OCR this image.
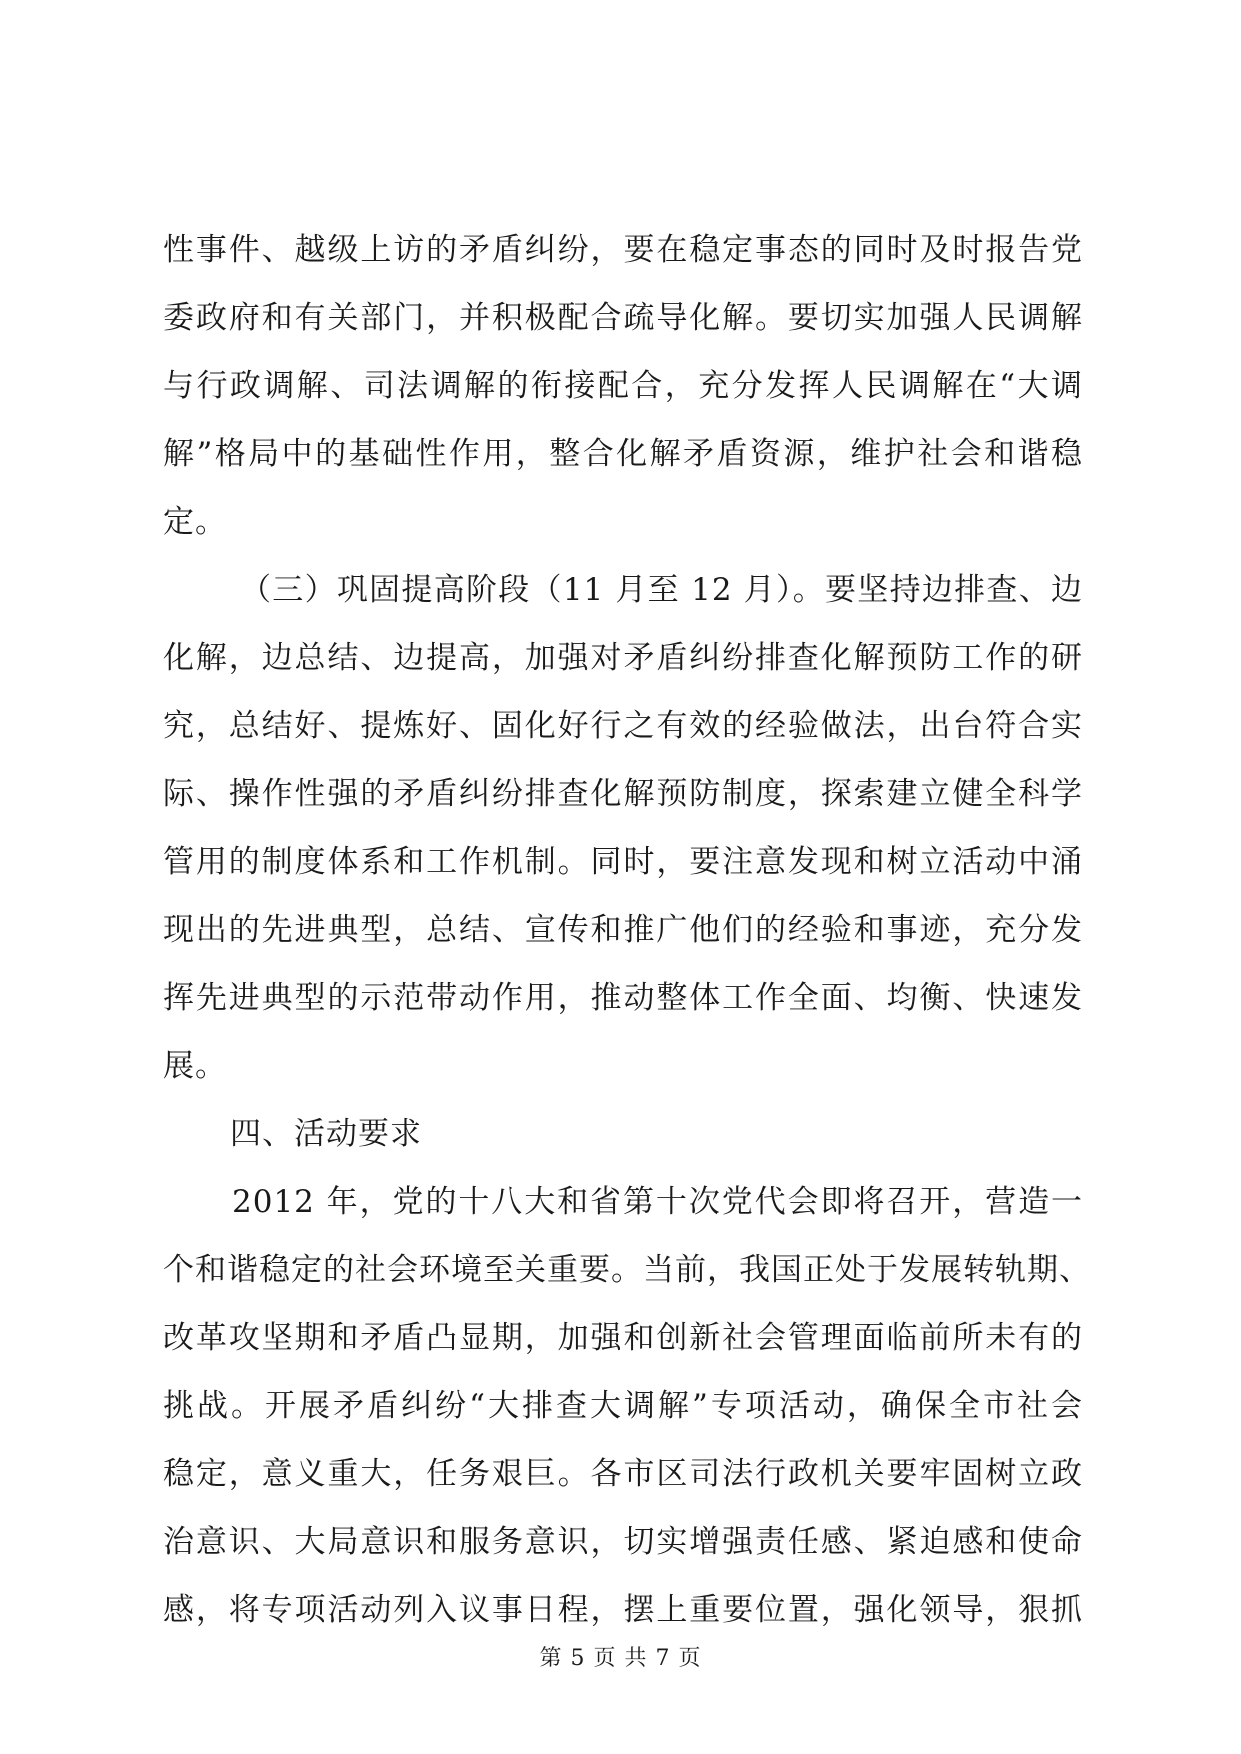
性事件、越级上访的矛盾纠纷，要在稳定事态的同时及时报告党
委政府和有关部门，并积极配合疏导化解。要切实加强人民调解
与行政调解、司法调解的衔接配合，充分发挥人民调解在“大调
解”格局中的基础性作用，整合化解矛盾资源，维护社会和谐稳
定。
（三）巩固提高阶段（11 月至 12 月）。要坚持边排查、边
化解，边总结、边提高，加强对矛盾纠纷排查化解预防工作的研
究，总结好、提炼好、固化好行之有效的经验做法，出台符合实
际、操作性强的矛盾纠纷排查化解预防制度，探索建立健全科学
管用的制度体系和工作机制。同时，要注意发现和树立活动中涌
现出的先进典型，总结、宣传和推广他们的经验和事迹，充分发
挥先进典型的示范带动作用，推动整体工作全面、均衡、快速发
展。
四、活动要求
2012 年，党的十八大和省第十次党代会即将召开，营造一
个和谐稳定的社会环境至关重要。当前，我国正处于发展转轨期、
改革攻坚期和矛盾凸显期，加强和创新社会管理面临前所未有的
挑战。开展矛盾纠纷“大排查大调解”专项活动，确保全市社会
稳定，意义重大，任务艰巨。各市区司法行政机关要牢固树立政
治意识、大局意识和服务意识，切实增强责任感、紧迫感和使命
感，将专项活动列入议事日程，摆上重要位置，强化领导，狠抓
第 5 页 共 7 页
